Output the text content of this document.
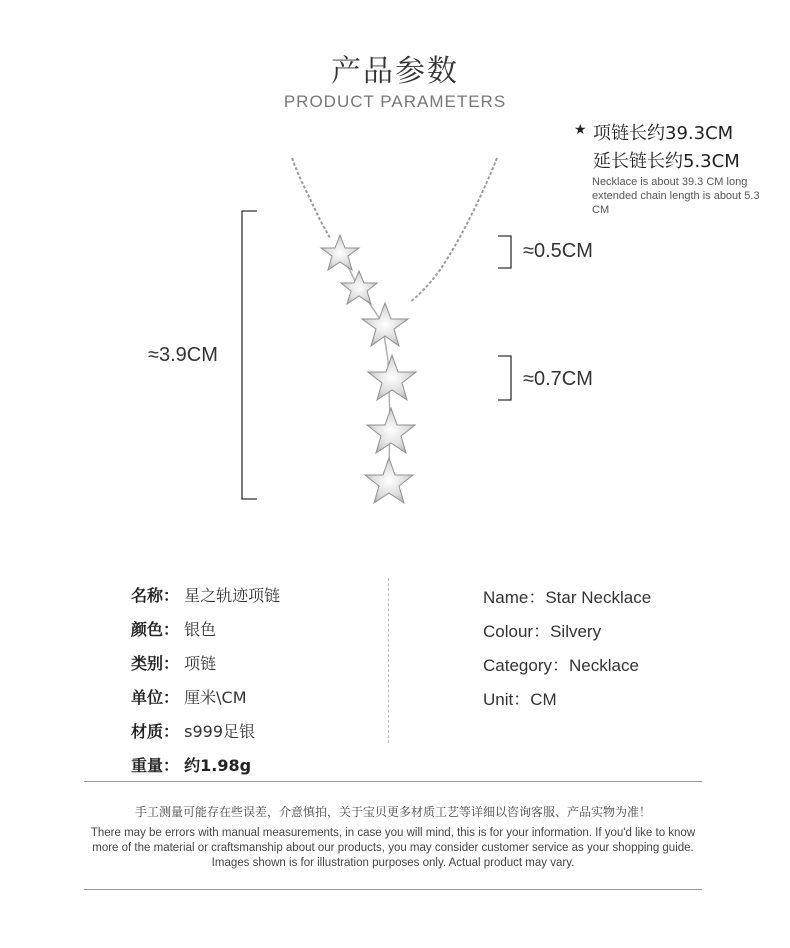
产品参数
PRODUCT PARAMETERS
★ 项链长约39.3CM
延长链长约5.3CM
Necklace is about 39.3 CM long extended chain length is about 5.3 CM
≈3.9CM
≈0.5CM
≈0.7CM
名称： 星之轨迹项链
颜色： 银色
类别： 项链
单位： 厘米\CM
材质： s999足银
重量： 约1.98g
Name：Star Necklace
Colour：Silvery
Category：Necklace
Unit：CM
手工测量可能存在些误差，介意慎拍，关于宝贝更多材质工艺等详细以咨询客服、产品实物为准！
There may be errors with manual measurements, in case you will mind, this is for your information. If you'd like to know more of the material or craftsmanship about our products, you may consider customer service as your shopping guide. Images shown is for illustration purposes only. Actual product may vary.
